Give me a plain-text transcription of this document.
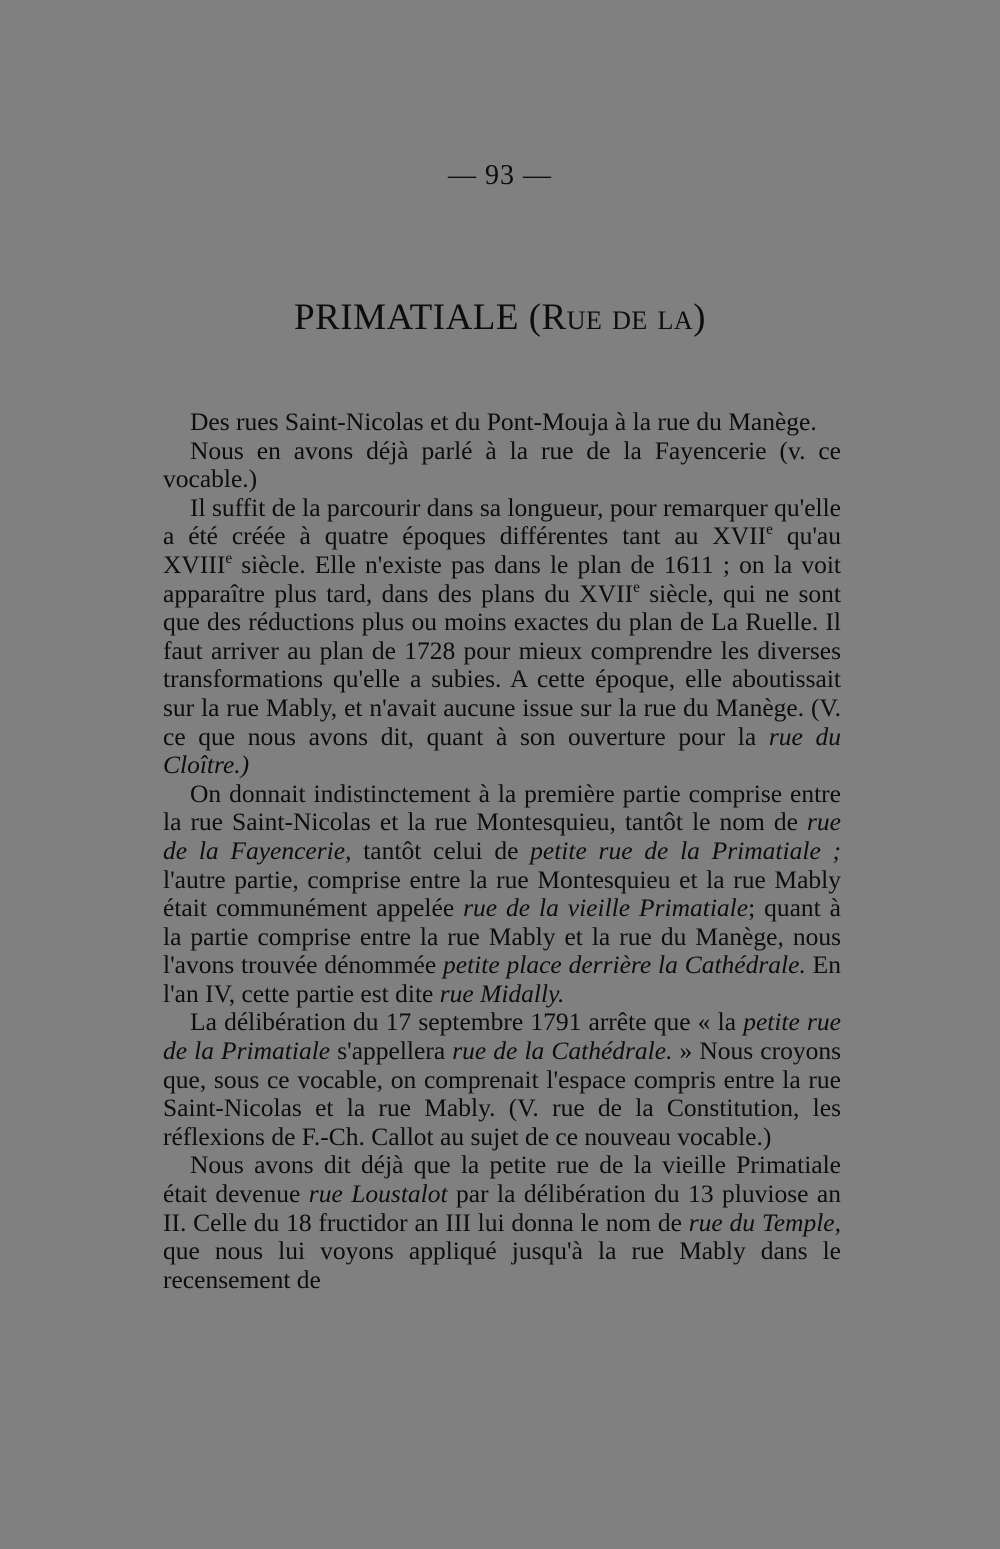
— 93 —
PRIMATIALE (Rue de la)

Des rues Saint-Nicolas et du Pont-Mouja à la rue du Manège.

Nous en avons déjà parlé à la rue de la Fayencerie (v. ce vocable.)

Il suffit de la parcourir dans sa longueur, pour remarquer qu'elle a été créée à quatre époques différentes tant au XVIIe qu'au XVIIIe siècle. Elle n'existe pas dans le plan de 1611 ; on la voit apparaître plus tard, dans des plans du XVIIe siècle, qui ne sont que des réductions plus ou moins exactes du plan de La Ruelle. Il faut arriver au plan de 1728 pour mieux comprendre les diverses transformations qu'elle a subies. A cette époque, elle aboutissait sur la rue Mably, et n'avait aucune issue sur la rue du Manège. (V. ce que nous avons dit, quant à son ouverture pour la rue du Cloître.)

On donnait indistinctement à la première partie comprise entre la rue Saint-Nicolas et la rue Montesquieu, tantôt le nom de rue de la Fayencerie, tantôt celui de petite rue de la Primatiale ; l'autre partie, comprise entre la rue Montesquieu et la rue Mably était communément appelée rue de la vieille Primatiale; quant à la partie comprise entre la rue Mably et la rue du Manège, nous l'avons trouvée dénommée petite place derrière la Cathédrale. En l'an IV, cette partie est dite rue Midally.

La délibération du 17 septembre 1791 arrête que « la petite rue de la Primatiale s'appellera rue de la Cathédrale. » Nous croyons que, sous ce vocable, on comprenait l'espace compris entre la rue Saint-Nicolas et la rue Mably. (V. rue de la Constitution, les réflexions de F.-Ch. Callot au sujet de ce nouveau vocable.)

Nous avons dit déjà que la petite rue de la vieille Primatiale était devenue rue Loustalot par la délibération du 13 pluviose an II. Celle du 18 fructidor an III lui donna le nom de rue du Temple, que nous lui voyons appliqué jusqu'à la rue Mably dans le recensement de
